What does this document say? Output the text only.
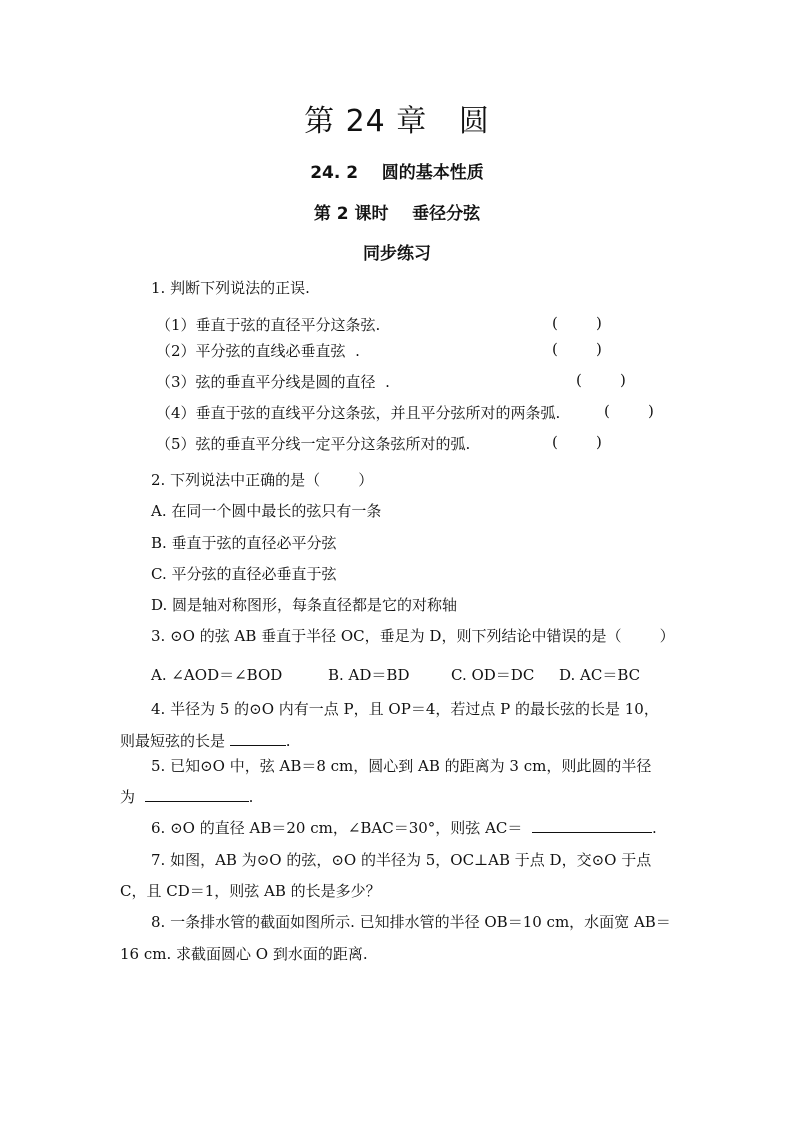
第 24 章   圆
24. 2    圆的基本性质
第 2 课时    垂径分弦
同步练习
1. 判断下列说法的正误.
（1）垂直于弦的直径平分这条弦.	(        )
（2）平分弦的直线必垂直弦  .	(        )
（3）弦的垂直平分线是圆的直径  .	(        )
（4）垂直于弦的直线平分这条弦，并且平分弦所对的两条弧.	(        )
（5）弦的垂直平分线一定平分这条弦所对的弧.	(        )
2. 下列说法中正确的是（        ）
A. 在同一个圆中最长的弦只有一条
B. 垂直于弦的直径必平分弦
C. 平分弦的直径必垂直于弦
D. 圆是轴对称图形，每条直径都是它的对称轴
3. ⊙O 的弦 AB 垂直于半径 OC，垂足为 D，则下列结论中错误的是（        ）
A. ∠AOD＝∠BOD	B. AD＝BD	C. OD＝DC D. AC＝BC
4. 半径为 5 的⊙O 内有一点 P，且 OP＝4，若过点 P 的最长弦的长是 10，
则最短弦的长是	.
5. 已知⊙O 中，弦 AB＝8 cm，圆心到 AB 的距离为 3 cm，则此圆的半径
为	.
6. ⊙O 的直径 AB＝20 cm，∠BAC＝30°，则弦 AC＝	.
7. 如图，AB 为⊙O 的弦，⊙O 的半径为 5，OC⊥AB 于点 D，交⊙O 于点
C，且 CD＝1，则弦 AB 的长是多少？
8. 一条排水管的截面如图所示. 已知排水管的半径 OB＝10 cm，水面宽 AB＝
16 cm. 求截面圆心 O 到水面的距离.
